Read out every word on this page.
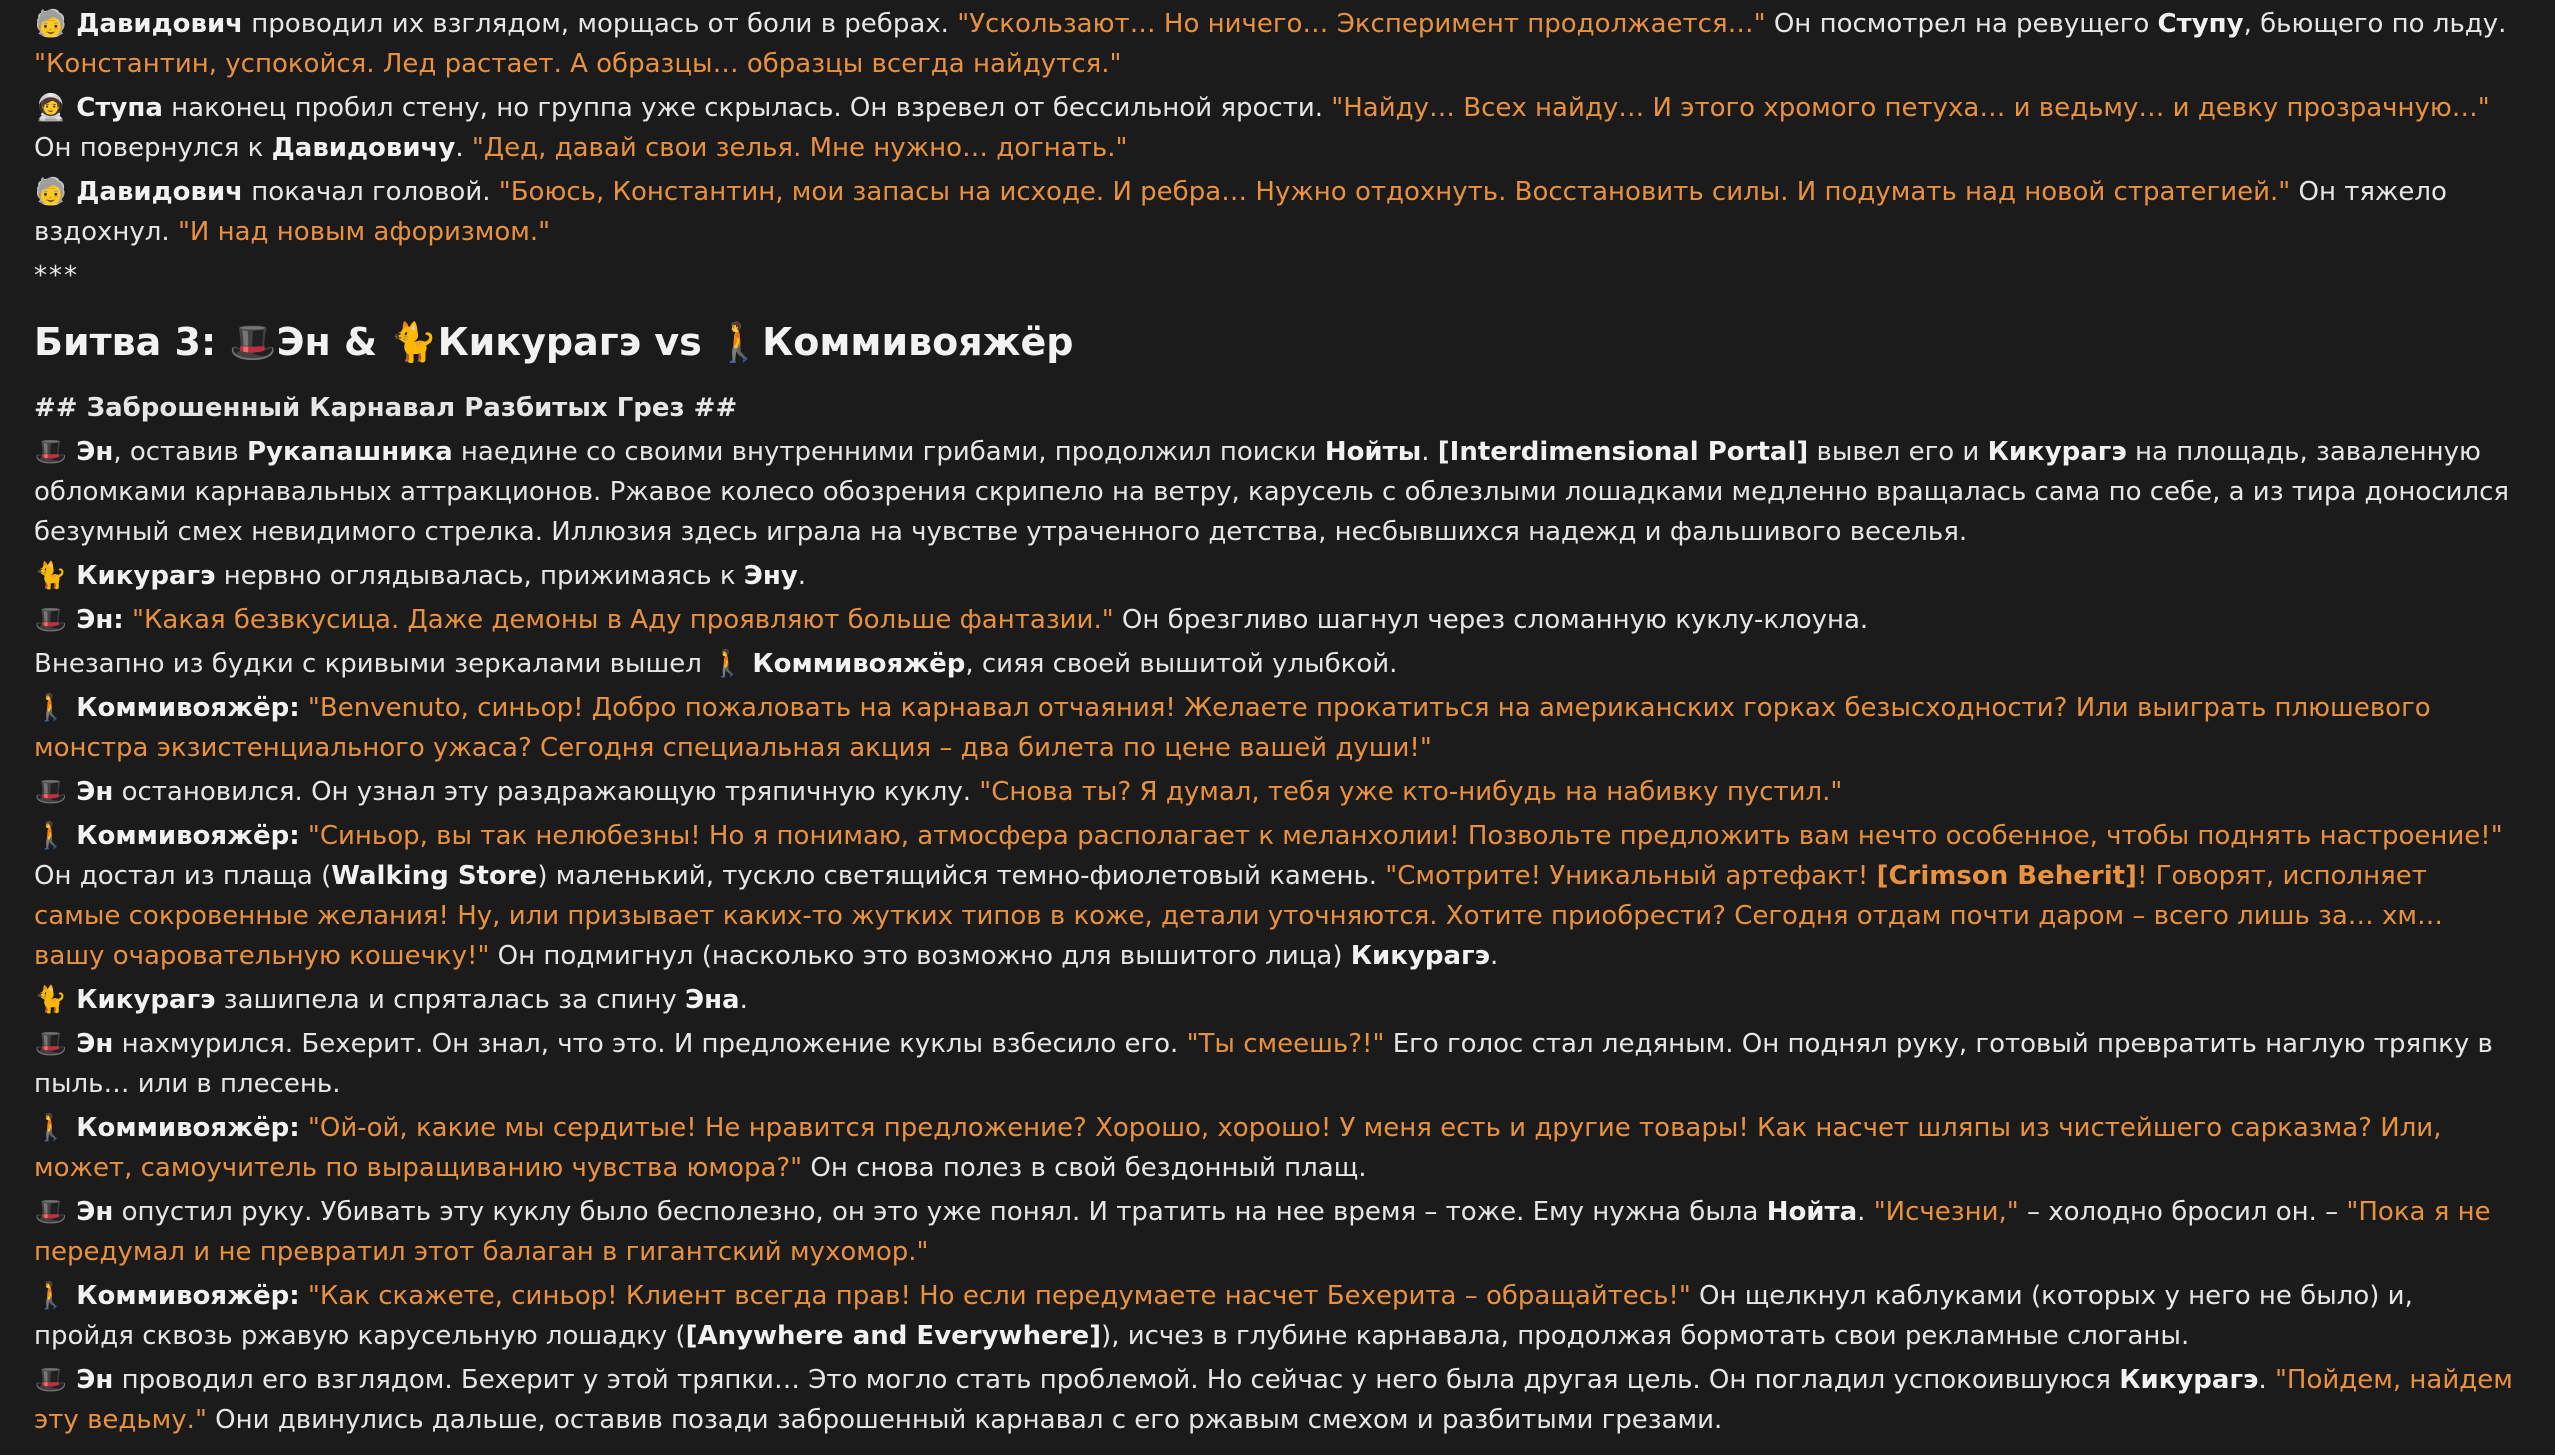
🧓 Давидович проводил их взглядом, морщась от боли в ребрах. "Ускользают… Но ничего… Эксперимент продолжается…" Он посмотрел на ревущего Ступу, бьющего по льду. "Константин, успокойся. Лед растает. А образцы… образцы всегда найдутся."
🧑‍🚀 Ступа наконец пробил стену, но группа уже скрылась. Он взревел от бессильной ярости. "Найду… Всех найду… И этого хромого петуха… и ведьму… и девку прозрачную…" Он повернулся к Давидовичу. "Дед, давай свои зелья. Мне нужно… догнать."
🧓 Давидович покачал головой. "Боюсь, Константин, мои запасы на исходе. И ребра… Нужно отдохнуть. Восстановить силы. И подумать над новой стратегией." Он тяжело вздохнул. "И над новым афоризмом."
***
Битва 3: 🎩 Эн & 🐈 Кикурагэ vs 🚶 Коммивояжёр
## Заброшенный Карнавал Разбитых Грез ##
🎩 Эн, оставив Рукапашника наедине со своими внутренними грибами, продолжил поиски Нойты. [Interdimensional Portal] вывел его и Кикурагэ на площадь, заваленную обломками карнавальных аттракционов. Ржавое колесо обозрения скрипело на ветру, карусель с облезлыми лошадками медленно вращалась сама по себе, а из тира доносился безумный смех невидимого стрелка. Иллюзия здесь играла на чувстве утраченного детства, несбывшихся надежд и фальшивого веселья.
🐈 Кикурагэ нервно оглядывалась, прижимаясь к Эну.
🎩 Эн: "Какая безвкусица. Даже демоны в Аду проявляют больше фантазии." Он брезгливо шагнул через сломанную куклу-клоуна.
Внезапно из будки с кривыми зеркалами вышел 🚶 Коммивояжёр, сияя своей вышитой улыбкой.
🚶 Коммивояжёр: "Benvenuto, синьор! Добро пожаловать на карнавал отчаяния! Желаете прокатиться на американских горках безысходности? Или выиграть плюшевого монстра экзистенциального ужаса? Сегодня специальная акция – два билета по цене вашей души!"
🎩 Эн остановился. Он узнал эту раздражающую тряпичную куклу. "Снова ты? Я думал, тебя уже кто-нибудь на набивку пустил."
🚶 Коммивояжёр: "Синьор, вы так нелюбезны! Но я понимаю, атмосфера располагает к меланхолии! Позвольте предложить вам нечто особенное, чтобы поднять настроение!" Он достал из плаща (Walking Store) маленький, тускло светящийся темно-фиолетовый камень. "Смотрите! Уникальный артефакт! [Crimson Beherit]! Говорят, исполняет самые сокровенные желания! Ну, или призывает каких-то жутких типов в коже, детали уточняются. Хотите приобрести? Сегодня отдам почти даром – всего лишь за… хм… вашу очаровательную кошечку!" Он подмигнул (насколько это возможно для вышитого лица) Кикурагэ.
🐈 Кикурагэ зашипела и спряталась за спину Эна.
🎩 Эн нахмурился. Бехерит. Он знал, что это. И предложение куклы взбесило его. "Ты смеешь?!" Его голос стал ледяным. Он поднял руку, готовый превратить наглую тряпку в пыль… или в плесень.
🚶 Коммивояжёр: "Ой-ой, какие мы сердитые! Не нравится предложение? Хорошо, хорошо! У меня есть и другие товары! Как насчет шляпы из чистейшего сарказма? Или, может, самоучитель по выращиванию чувства юмора?" Он снова полез в свой бездонный плащ.
🎩 Эн опустил руку. Убивать эту куклу было бесполезно, он это уже понял. И тратить на нее время – тоже. Ему нужна была Нойта. "Исчезни," – холодно бросил он. – "Пока я не передумал и не превратил этот балаган в гигантский мухомор."
🚶 Коммивояжёр: "Как скажете, синьор! Клиент всегда прав! Но если передумаете насчет Бехерита – обращайтесь!" Он щелкнул каблуками (которых у него не было) и, пройдя сквозь ржавую карусельную лошадку ([Anywhere and Everywhere]), исчез в глубине карнавала, продолжая бормотать свои рекламные слоганы.
🎩 Эн проводил его взглядом. Бехерит у этой тряпки… Это могло стать проблемой. Но сейчас у него была другая цель. Он погладил успокоившуюся Кикурагэ. "Пойдем, найдем эту ведьму." Они двинулись дальше, оставив позади заброшенный карнавал с его ржавым смехом и разбитыми грезами.
